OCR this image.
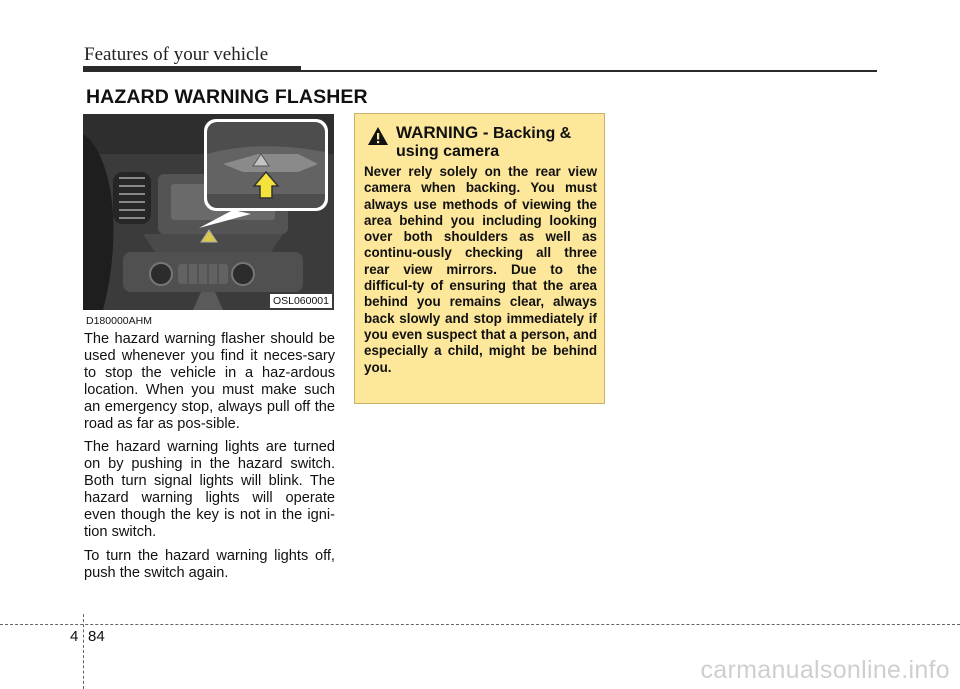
Features of your vehicle
HAZARD WARNING FLASHER
OSL060001
D180000AHM

The hazard warning flasher should be used whenever you find it neces-sary to stop the vehicle in a haz-ardous location. When you must make such an emergency stop, always pull off the road as far as pos-sible.

The hazard warning lights are turned on by pushing in the hazard switch. Both turn signal lights will blink. The hazard warning lights will operate even though the key is not in the igni-tion switch.

To turn the hazard warning lights off, push the switch again.

WARNING - Backing & using camera

Never rely solely on the rear view camera when backing. You must always use methods of viewing the area behind you including looking over both shoulders as well as continu-ously checking all three rear view mirrors. Due to the difficul-ty of ensuring that the area behind you remains clear, always back slowly and stop immediately if you even suspect that a person, and especially a child, might be behind you.

4 84
carmanualsonline.info
